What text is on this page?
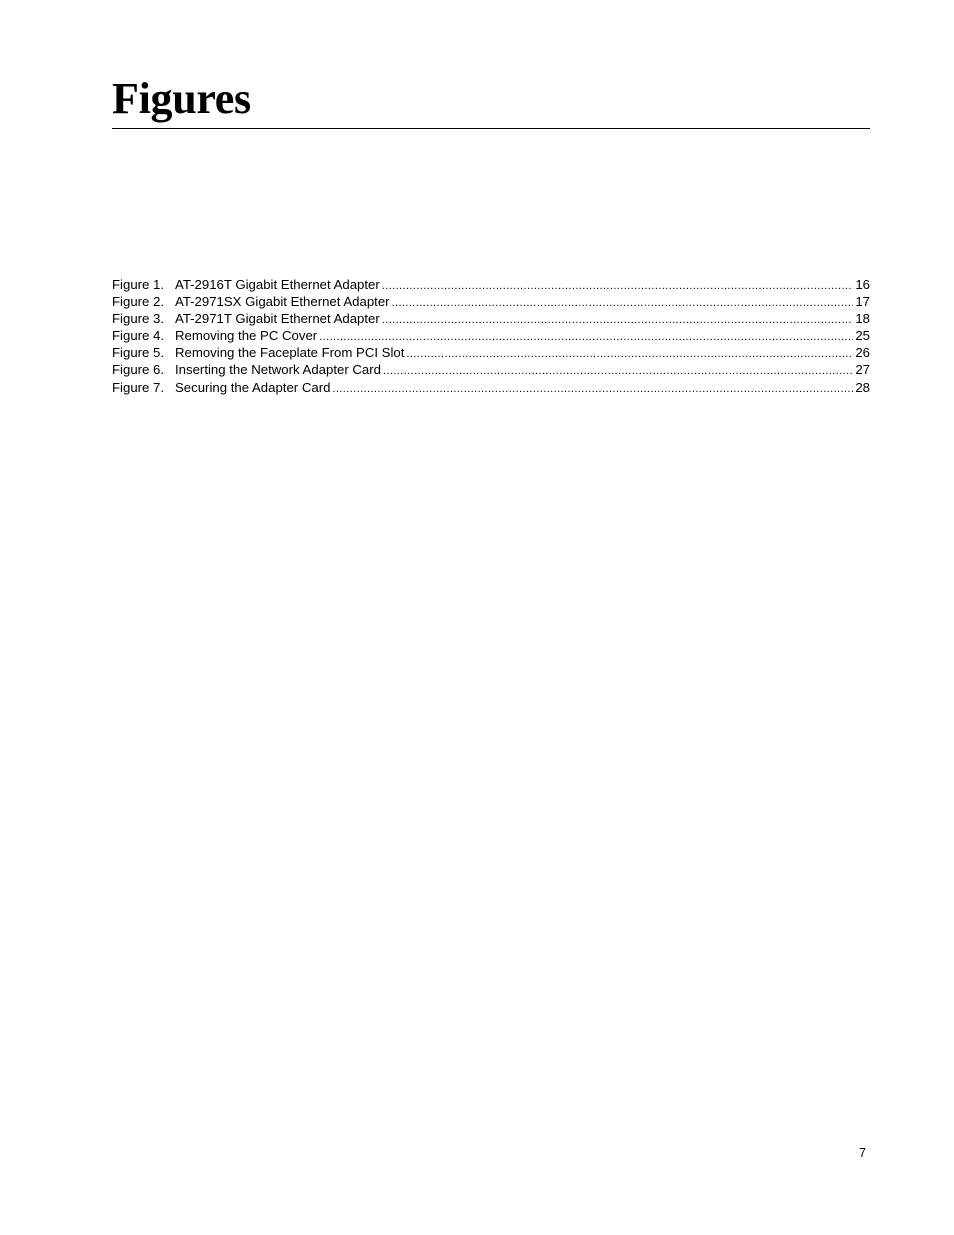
Figures
Figure 1. AT-2916T Gigabit Ethernet Adapter .....	16
Figure 2. AT-2971SX Gigabit Ethernet Adapter .....	17
Figure 3. AT-2971T Gigabit Ethernet Adapter .....	18
Figure 4. Removing the PC Cover .....	25
Figure 5. Removing the Faceplate From PCI Slot .....	26
Figure 6. Inserting the Network Adapter Card .....	27
Figure 7. Securing the Adapter Card .....	28
7
